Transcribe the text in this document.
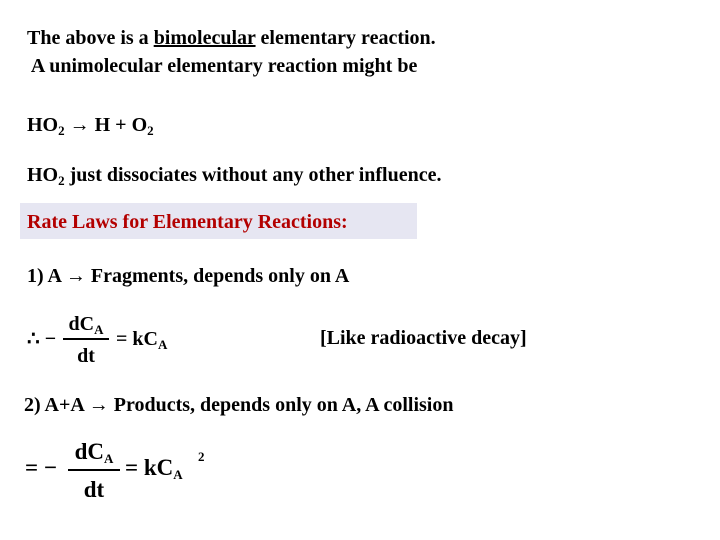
The above is a bimolecular elementary reaction.
A unimolecular elementary reaction might be
$HO_2 \to H + O_2$
$HO_2$ just dissociates without any other influence.
Rate Laws for Elementary Reactions:
1) A → Fragments, depends only on A
∴ −
$dC_A$
dt
= $kC_A$	[Like radioactive decay]
2) A+A → Products, depends only on A, A collision
= −
$dC_A$
dt
= $kC_A$
2
